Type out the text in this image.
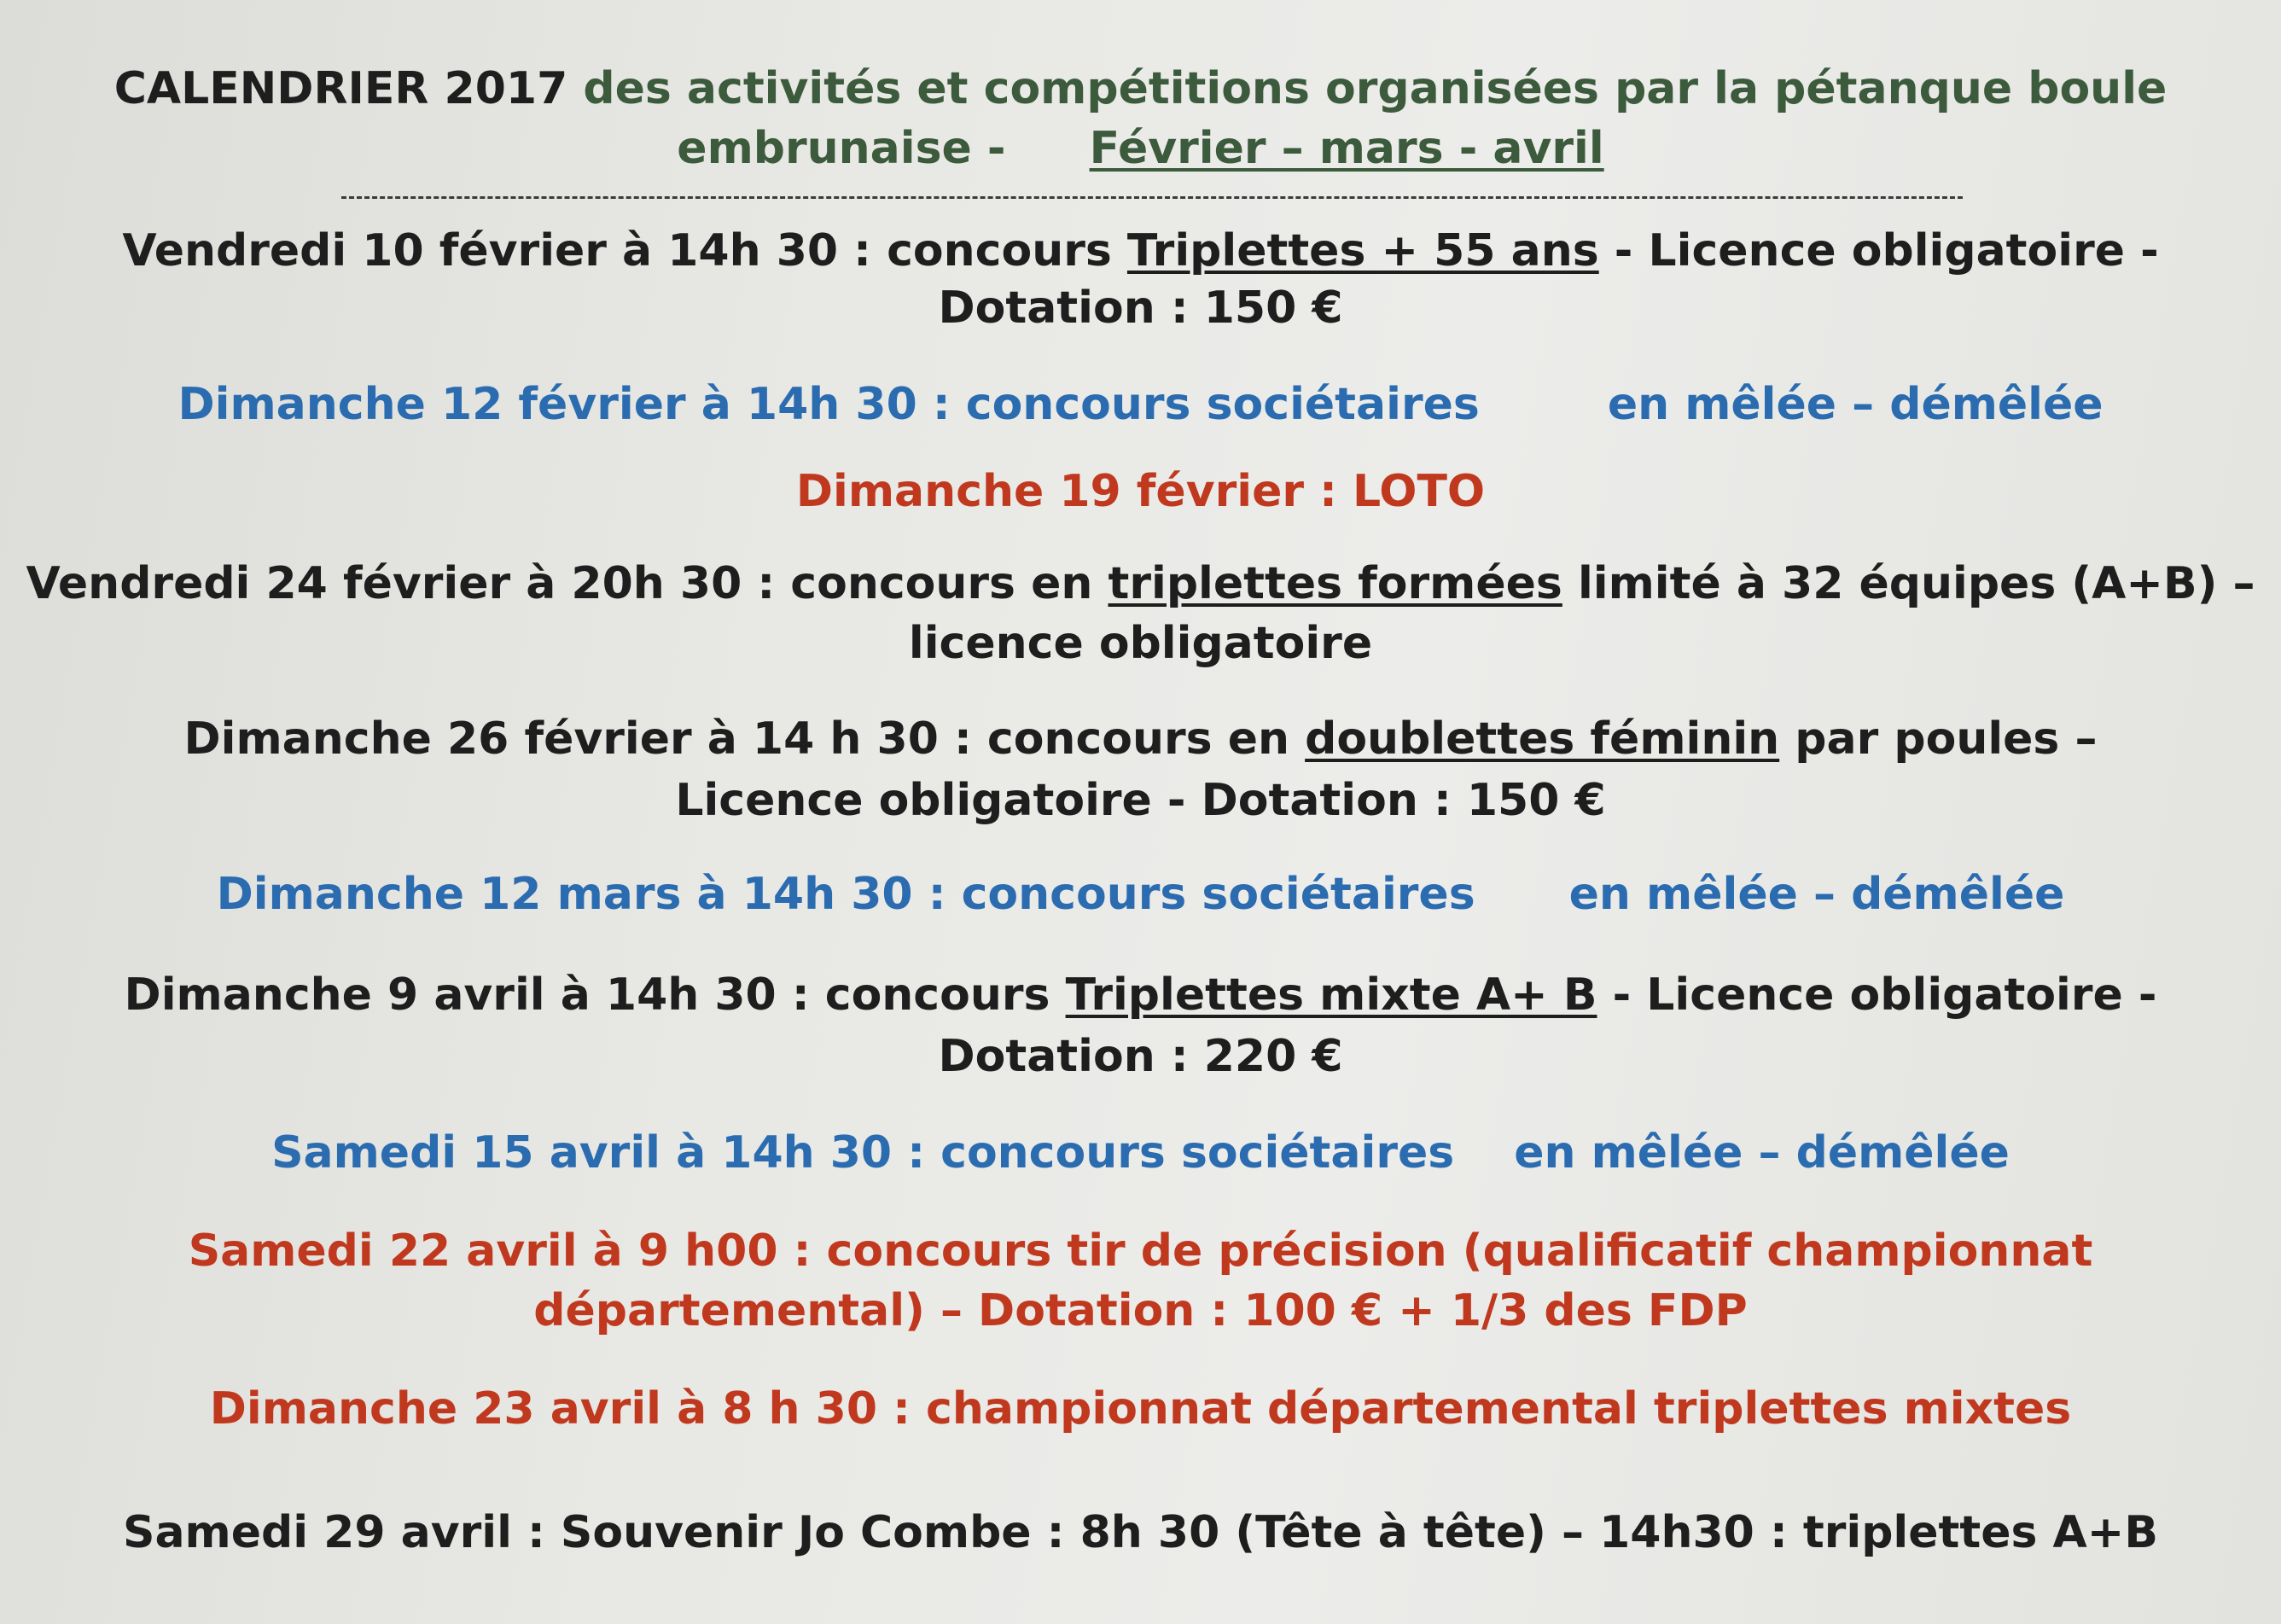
CALENDRIER 2017 des activités et compétitions organisées par la pétanque boule
embrunaise - Février – mars - avril
Vendredi 10 février à 14h 30 : concours Triplettes + 55 ans - Licence obligatoire -
Dotation : 150 €
Dimanche 12 février à 14h 30 : concours sociétaires	en mêlée – démêlée
Dimanche 19 février : LOTO
Vendredi 24 février à 20h 30 : concours en triplettes formées limité à 32 équipes (A+B) –
licence obligatoire
Dimanche 26 février à 14 h 30 : concours en doublettes féminin par poules –
Licence obligatoire - Dotation : 150 €
Dimanche 12 mars à 14h 30 : concours sociétaires en mêlée – démêlée
Dimanche 9 avril à 14h 30 : concours Triplettes mixte A+ B - Licence obligatoire -
Dotation : 220 €
Samedi 15 avril à 14h 30 : concours sociétaires en mêlée – démêlée
Samedi 22 avril à 9 h00 : concours tir de précision (qualificatif championnat
départemental) – Dotation : 100 € + 1/3 des FDP
Dimanche 23 avril à 8 h 30 : championnat départemental triplettes mixtes
Samedi 29 avril : Souvenir Jo Combe : 8h 30 (Tête à tête) – 14h30 : triplettes A+B
